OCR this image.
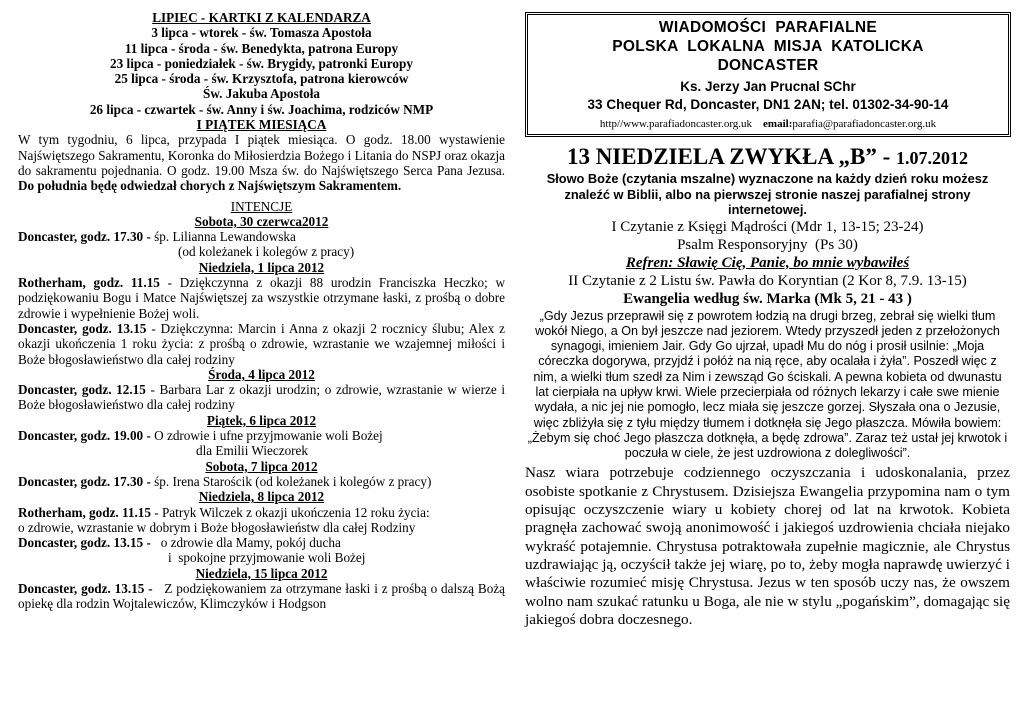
LIPIEC - KARTKI Z KALENDARZA

3 lipca - wtorek - św. Tomasza Apostoła

11 lipca - środa - św. Benedykta, patrona Europy

23 lipca - poniedziałek - św. Brygidy, patronki Europy

25 lipca - środa - św. Krzysztofa, patrona kierowców

Św. Jakuba Apostoła

26 lipca - czwartek - św. Anny i św. Joachima, rodziców NMP

I PIĄTEK MIESIĄCA

W tym tygodniu, 6 lipca, przypada I piątek miesiąca. O godz. 18.00 wystawienie Najświętszego Sakramentu, Koronka do Miłosierdzia Bożego i Litania do NSPJ oraz okazja do sakramentu pojednania. O godz. 19.00 Msza św. do Najświętszego Serca Pana Jezusa. Do południa będę odwiedzał chorych z Najświętszym Sakramentem.

INTENCJE

Sobota, 30 czerwca2012

Doncaster, godz. 17.30 - śp. Lilianna Lewandowska

(od koleżanek i kolegów z pracy)

Niedziela, 1 lipca 2012

Rotherham, godz. 11.15 - Dziękczynna z okazji 88 urodzin Franciszka Heczko; w podziękowaniu Bogu i Matce Najświętszej za wszystkie otrzymane łaski, z prośbą o dobre zdrowie i wypełnienie Bożej woli.

Doncaster, godz. 13.15 - Dziękczynna: Marcin i Anna z okazji 2 rocznicy ślubu; Alex z okazji ukończenia 1 roku życia: z prośbą o zdrowie, wzrastanie we wzajemnej miłości i Boże błogosławieństwo dla całej rodziny

Środa, 4 lipca 2012

Doncaster, godz. 12.15 - Barbara Lar z okazji urodzin; o zdrowie, wzrastanie w wierze i Boże błogosławieństwo dla całej rodziny

Piątek, 6 lipca 2012

Doncaster, godz. 19.00 - O zdrowie i ufne przyjmowanie woli Bożej

dla Emilii Wieczorek

Sobota, 7 lipca 2012

Doncaster, godz. 17.30 - śp. Irena Starościk (od koleżanek i kolegów z pracy)

Niedziela, 8 lipca 2012

Rotherham, godz. 11.15 - Patryk Wilczek z okazji ukończenia 12 roku życia:

o zdrowie, wzrastanie w dobrym i Boże błogosławieństw dla całej Rodziny

Doncaster, godz. 13.15 -   o zdrowie dla Mamy, pokój ducha

i  spokojne przyjmowanie woli Bożej

Niedziela, 15 lipca 2012

Doncaster, godz. 13.15 -   Z podziękowaniem za otrzymane łaski i z prośbą o dalszą Bożą opiekę dla rodzin Wojtalewiczów, Klimczyków i Hodgson

WIADOMOŚCI  PARAFIALNE
POLSKA  LOKALNA  MISJA  KATOLICKA
DONCASTER
Ks. Jerzy Jan Prucnal SChr
33 Chequer Rd, Doncaster, DN1 2AN; tel. 01302-34-90-14
http//www.parafiadoncaster.org.uk email:parafia@parafiadoncaster.org.uk
13 NIEDZIELA ZWYKŁA „B” - 1.07.2012
Słowo Boże (czytania mszalne) wyznaczone na każdy dzień roku możesz znaleźć w Biblii, albo na pierwszej stronie naszej parafialnej strony internetowej.
I Czytanie z Księgi Mądrości (Mdr 1, 13-15; 23-24)
Psalm Responsoryjny  (Ps 30)
Refren: Sławię Cię, Panie, bo mnie wybawiłeś
II Czytanie z 2 Listu św. Pawła do Koryntian (2 Kor 8, 7.9. 13-15)
Ewangelia według św. Marka (Mk 5, 21 - 43 )
„Gdy Jezus przeprawił się z powrotem łodzią na drugi brzeg, zebrał się wielki tłum wokół Niego, a On był jeszcze nad jeziorem. Wtedy przyszedł jeden z przełożonych synagogi, imieniem Jair. Gdy Go ujrzał, upadł Mu do nóg i prosił usilnie: „Moja córeczka dogorywa, przyjdź i połóż na nią ręce, aby ocalała i żyła”. Poszedł więc z nim, a wielki tłum szedł za Nim i zewsząd Go ściskali. A pewna kobieta od dwunastu lat cierpiała na upływ krwi. Wiele przecierpiała od różnych lekarzy i całe swe mienie wydała, a nic jej nie pomogło, lecz miała się jeszcze gorzej. Słyszała ona o Jezusie, więc zbliżyła się z tyłu między tłumem i dotknęła się Jego płaszcza. Mówiła bowiem: „Żebym się choć Jego płaszcza dotknęła, a będę zdrowa”. Zaraz też ustał jej krwotok i poczuła w ciele, że jest uzdrowiona z dolegliwości”.
Nasz wiara potrzebuje codziennego oczyszczania i udoskonalania, przez osobiste spotkanie z Chrystusem. Dzisiejsza Ewangelia przypomina nam o tym opisując oczyszczenie wiary u kobiety chorej od lat na krwotok. Kobieta pragnęła zachować swoją anonimowość i jakiegoś uzdrowienia chciała niejako wykraść potajemnie. Chrystusa potraktowała zupełnie magicznie, ale Chrystus uzdrawiając ją, oczyścił także jej wiarę, po to, żeby mogła naprawdę uwierzyć i właściwie rozumieć misję Chrystusa. Jezus w ten sposób uczy nas, że owszem wolno nam szukać ratunku u Boga, ale nie w stylu „pogańskim”, domagając się jakiegoś dobra doczesnego.
